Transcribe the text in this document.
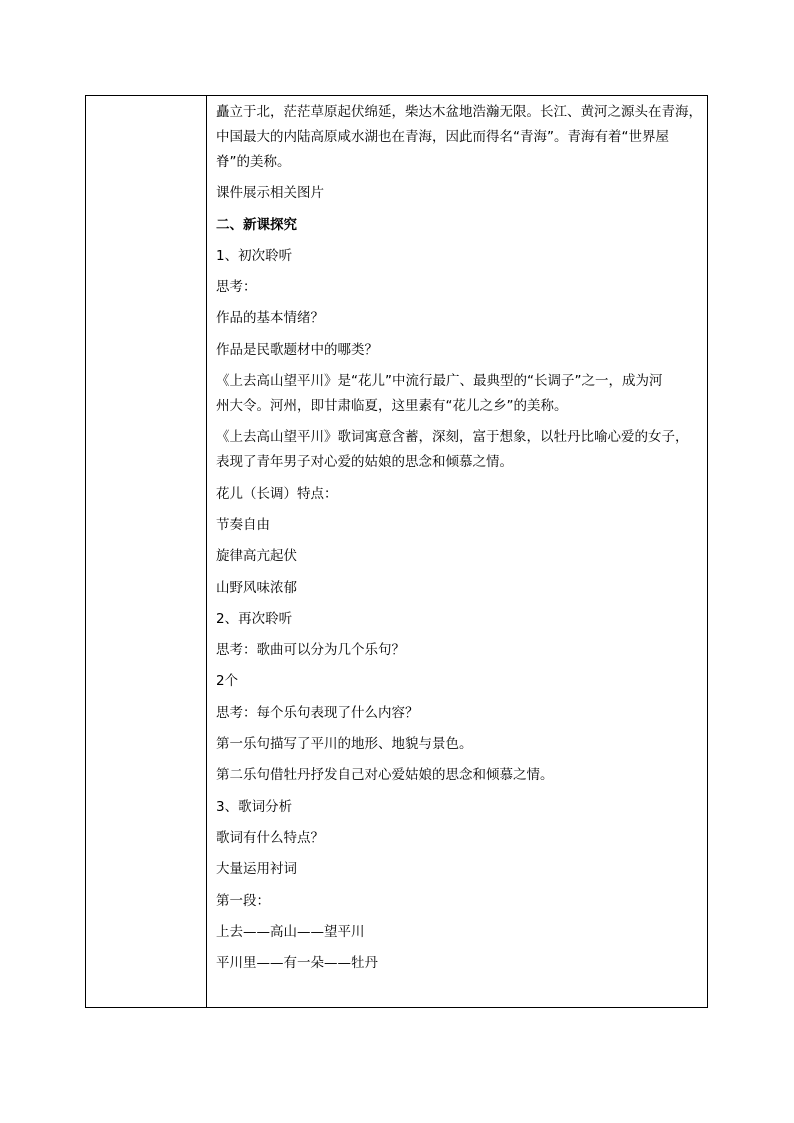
矗立于北，茫茫草原起伏绵延，柴达木盆地浩瀚无限。长江、黄河之源头在青海，
中国最大的内陆高原咸水湖也在青海，因此而得名“青海”。青海有着“世界屋
脊”的美称。
课件展示相关图片
二、新课探究
1、初次聆听
思考：
作品的基本情绪？
作品是民歌题材中的哪类？
《上去高山望平川》是“花儿”中流行最广、最典型的“长调子”之一，成为河
州大令。河州，即甘肃临夏，这里素有“花儿之乡”的美称。
《上去高山望平川》歌词寓意含蓄，深刻，富于想象，以牡丹比喻心爱的女子，
表现了青年男子对心爱的姑娘的思念和倾慕之情。
花儿（长调）特点：
节奏自由
旋律高亢起伏
山野风味浓郁
2、再次聆听
思考：歌曲可以分为几个乐句？
2个
思考：每个乐句表现了什么内容？
第一乐句描写了平川的地形、地貌与景色。
第二乐句借牡丹抒发自己对心爱姑娘的思念和倾慕之情。
3、歌词分析
歌词有什么特点？
大量运用衬词
第一段：
上去——高山——望平川
平川里——有一朵——牡丹
